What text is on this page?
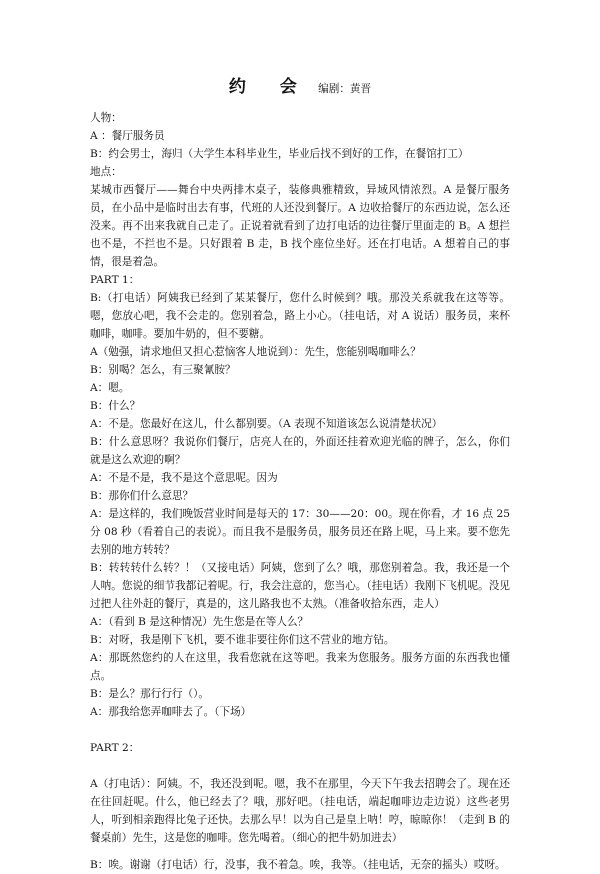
约 会 编剧：黄晋

人物：

A ：餐厅服务员

B：约会男士，海归（大学生本科毕业生，毕业后找不到好的工作，在餐馆打工）

地点：

某城市西餐厅——舞台中央两排木桌子，装修典雅精致，异域风情浓烈。A 是餐厅服务员，在小品中是临时出去有事，代班的人还没到餐厅。A 边收拾餐厅的东西边说，怎么还没来。再不出来我就自己走了。正说着就看到了边打电话的边往餐厅里面走的 B。A 想拦也不是，不拦也不是。只好跟着 B 走，B 找个座位坐好。还在打电话。A 想着自己的事情，很是着急。

PART 1：

B:（打电话）阿姨我已经到了某某餐厅，您什么时候到？哦。那没关系就我在这等等。嗯，您放心吧，我不会走的。您别着急，路上小心。（挂电话，对 A 说话）服务员，来杯咖啡，咖啡。要加牛奶的，但不要糖。

A（勉强，请求地但又担心惹恼客人地说到）：先生，您能别喝咖啡么？

B：别喝？怎么，有三聚氰胺？

A：嗯。

B：什么？

A：不是。您最好在这儿，什么都别要。（A 表现不知道该怎么说清楚状况）

B：什么意思呀？我说你们餐厅，店亮人在的，外面还挂着欢迎光临的牌子，怎么，你们就是这么欢迎的啊？

A：不是不是，我不是这个意思呢。因为

B：那你们什么意思？

A：是这样的，我们晚饭营业时间是每天的 17：30——20：00。现在你看，才 16 点 25 分 08 秒（看着自己的表说）。而且我不是服务员，服务员还在路上呢，马上来。要不您先去别的地方转转？

B：转转转什么转？！（又接电话）阿姨，您到了么？哦，那您别着急。我，我还是一个人呐。您说的细节我都记着呢。行，我会注意的，您当心。（挂电话）我刚下飞机呢。没见过把人往外赶的餐厅，真是的，这儿路我也不太熟。（准备收拾东西，走人）

A：（看到 B 是这种情况）先生您是在等人么？

B：对呀，我是刚下飞机，要不谁非要往你们这不营业的地方钻。

A：那既然您约的人在这里，我看您就在这等吧。我来为您服务。服务方面的东西我也懂点。

B：是么？那行行行（）。

A：那我给您弄咖啡去了。（下场）

PART 2：

A（打电话）：阿姨。不，我还没到呢。嗯，我不在那里，今天下午我去招聘会了。现在还在往回赶呢。什么，他已经去了？哦，那好吧。（挂电话，端起咖啡边走边说）这些老男人，听到相亲跑得比兔子还快。去那么早！以为自己是皇上呐！哼，晾晾你！（走到 B 的餐桌前）先生，这是您的咖啡。您先喝着。（细心的把牛奶加进去）

B：唉。谢谢（打电话）行，没事，我不着急。唉，我等。（挂电话，无奈的摇头）哎呀。
